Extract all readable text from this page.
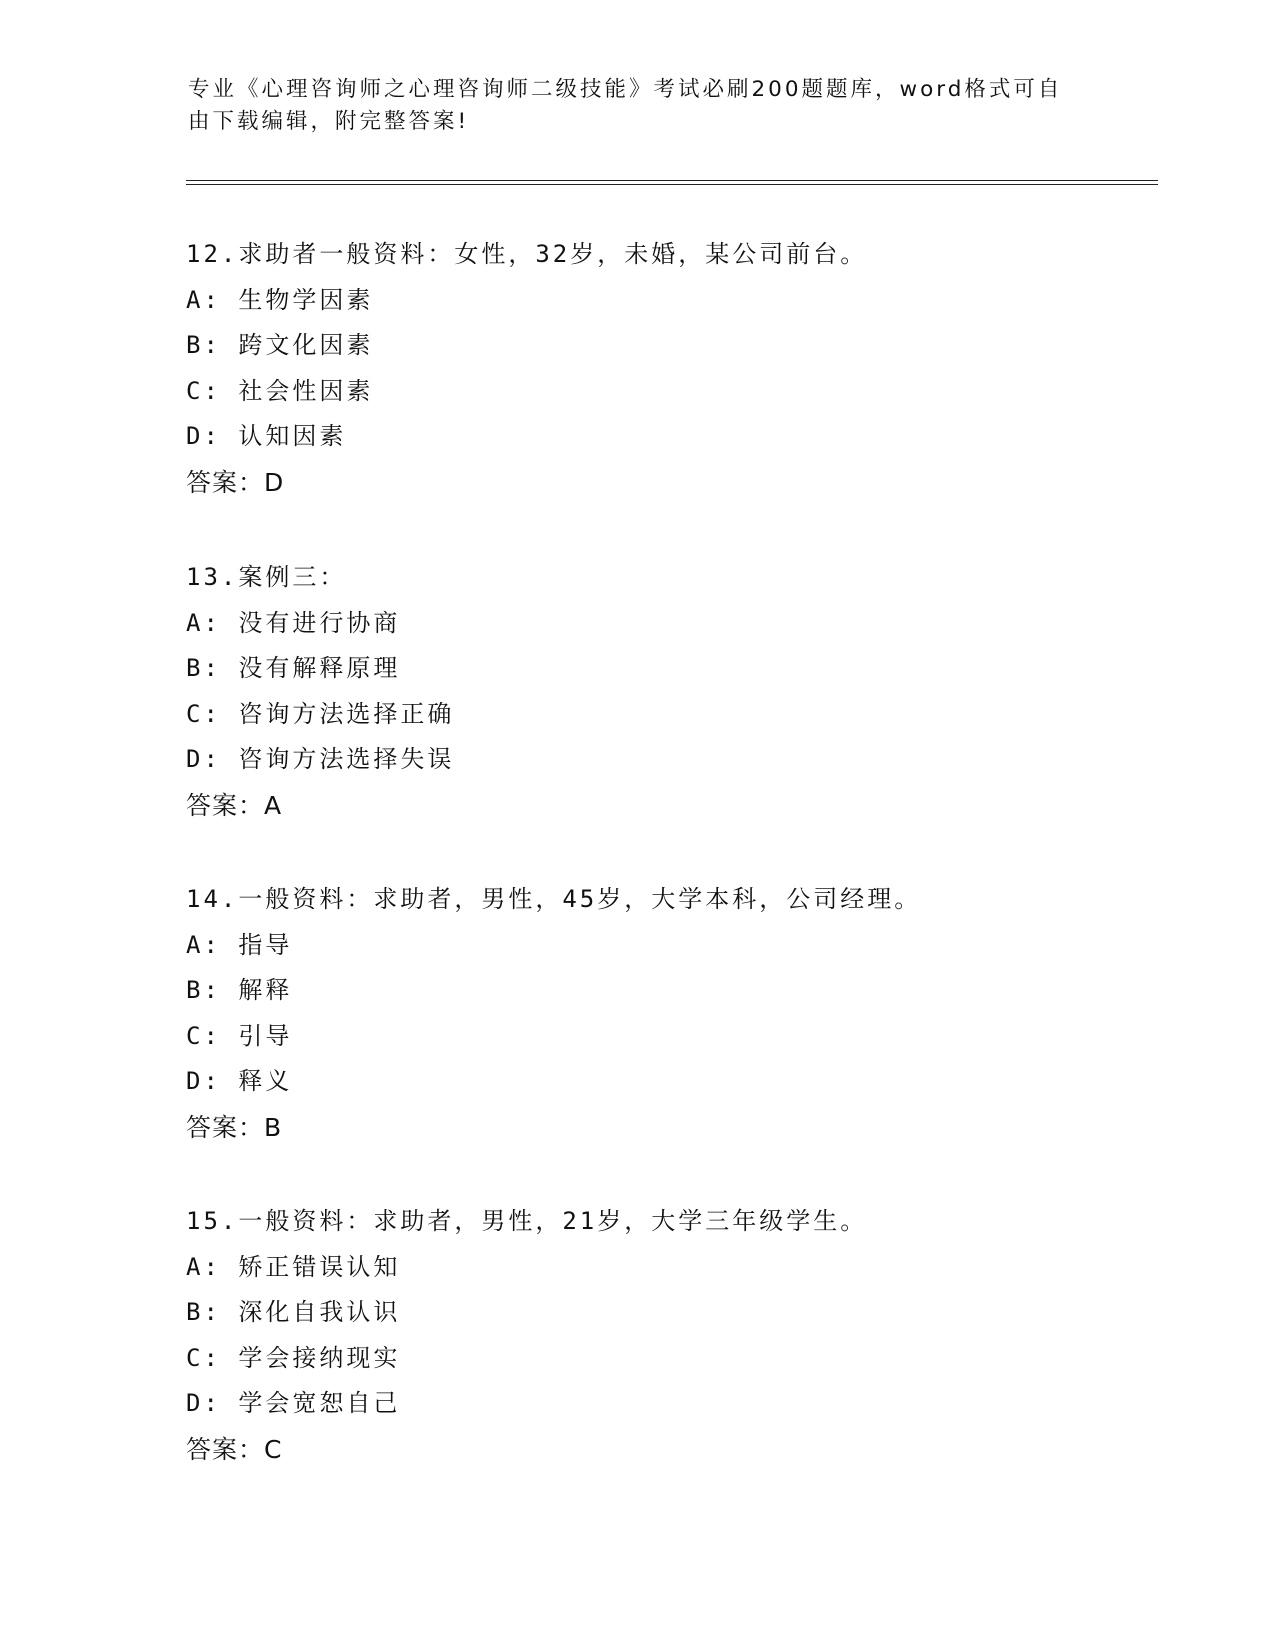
专业《心理咨询师之心理咨询师二级技能》考试必刷200题题库，word格式可自

由下载编辑，附完整答案!

12.求助者一般资料：女性，32岁，未婚，某公司前台。

A: 生物学因素

B: 跨文化因素

C: 社会性因素

D: 认知因素

答案：D

13.案例三：

A: 没有进行协商

B: 没有解释原理

C: 咨询方法选择正确

D: 咨询方法选择失误

答案：A

14.一般资料：求助者，男性，45岁，大学本科，公司经理。

A: 指导

B: 解释

C: 引导

D: 释义

答案：B

15.一般资料：求助者，男性，21岁，大学三年级学生。

A: 矫正错误认知

B: 深化自我认识

C: 学会接纳现实

D: 学会宽恕自己

答案：C
